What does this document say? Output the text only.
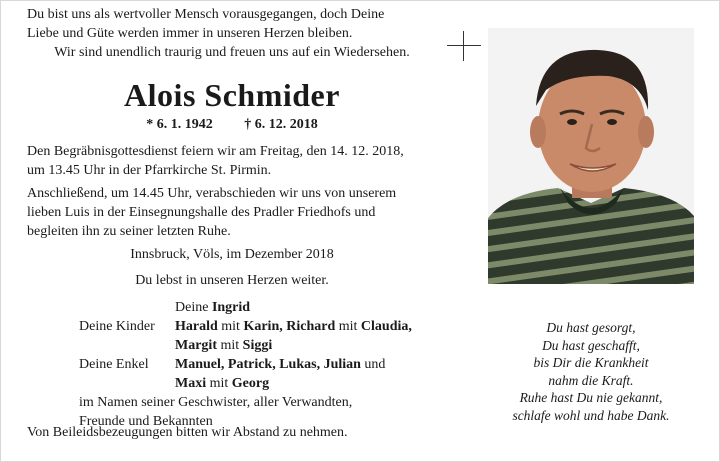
Du bist uns als wertvoller Mensch vorausgegangen, doch Deine
Liebe und Güte werden immer in unseren Herzen bleiben.
Wir sind unendlich traurig und freuen uns auf ein Wiedersehen.

Alois Schmider
* 6. 1. 1942 † 6. 12. 2018

Den Begräbnisgottesdienst feiern wir am Freitag, den 14. 12. 2018,
um 13.45 Uhr in der Pfarrkirche St. Pirmin.

Anschließend, um 14.45 Uhr, verabschieden wir uns von unserem
lieben Luis in der Einsegnungshalle des Pradler Friedhofs und
begleiten ihn zu seiner letzten Ruhe.

Innsbruck, Völs, im Dezember 2018
Du lebst in unseren Herzen weiter.
Deine Ingrid
Deine Kinder	Harald mit Karin, Richard mit Claudia,
Margit mit Siggi
Deine Enkel	Manuel, Patrick, Lukas, Julian und
Maxi mit Georg
im Namen seiner Geschwister, aller Verwandten,
Freunde und Bekannten
Von Beileidsbezeugungen bitten wir Abstand zu nehmen.
Du hast gesorgt,
Du hast geschafft,
bis Dir die Krankheit
nahm die Kraft.
Ruhe hast Du nie gekannt,
schlafe wohl und habe Dank.
